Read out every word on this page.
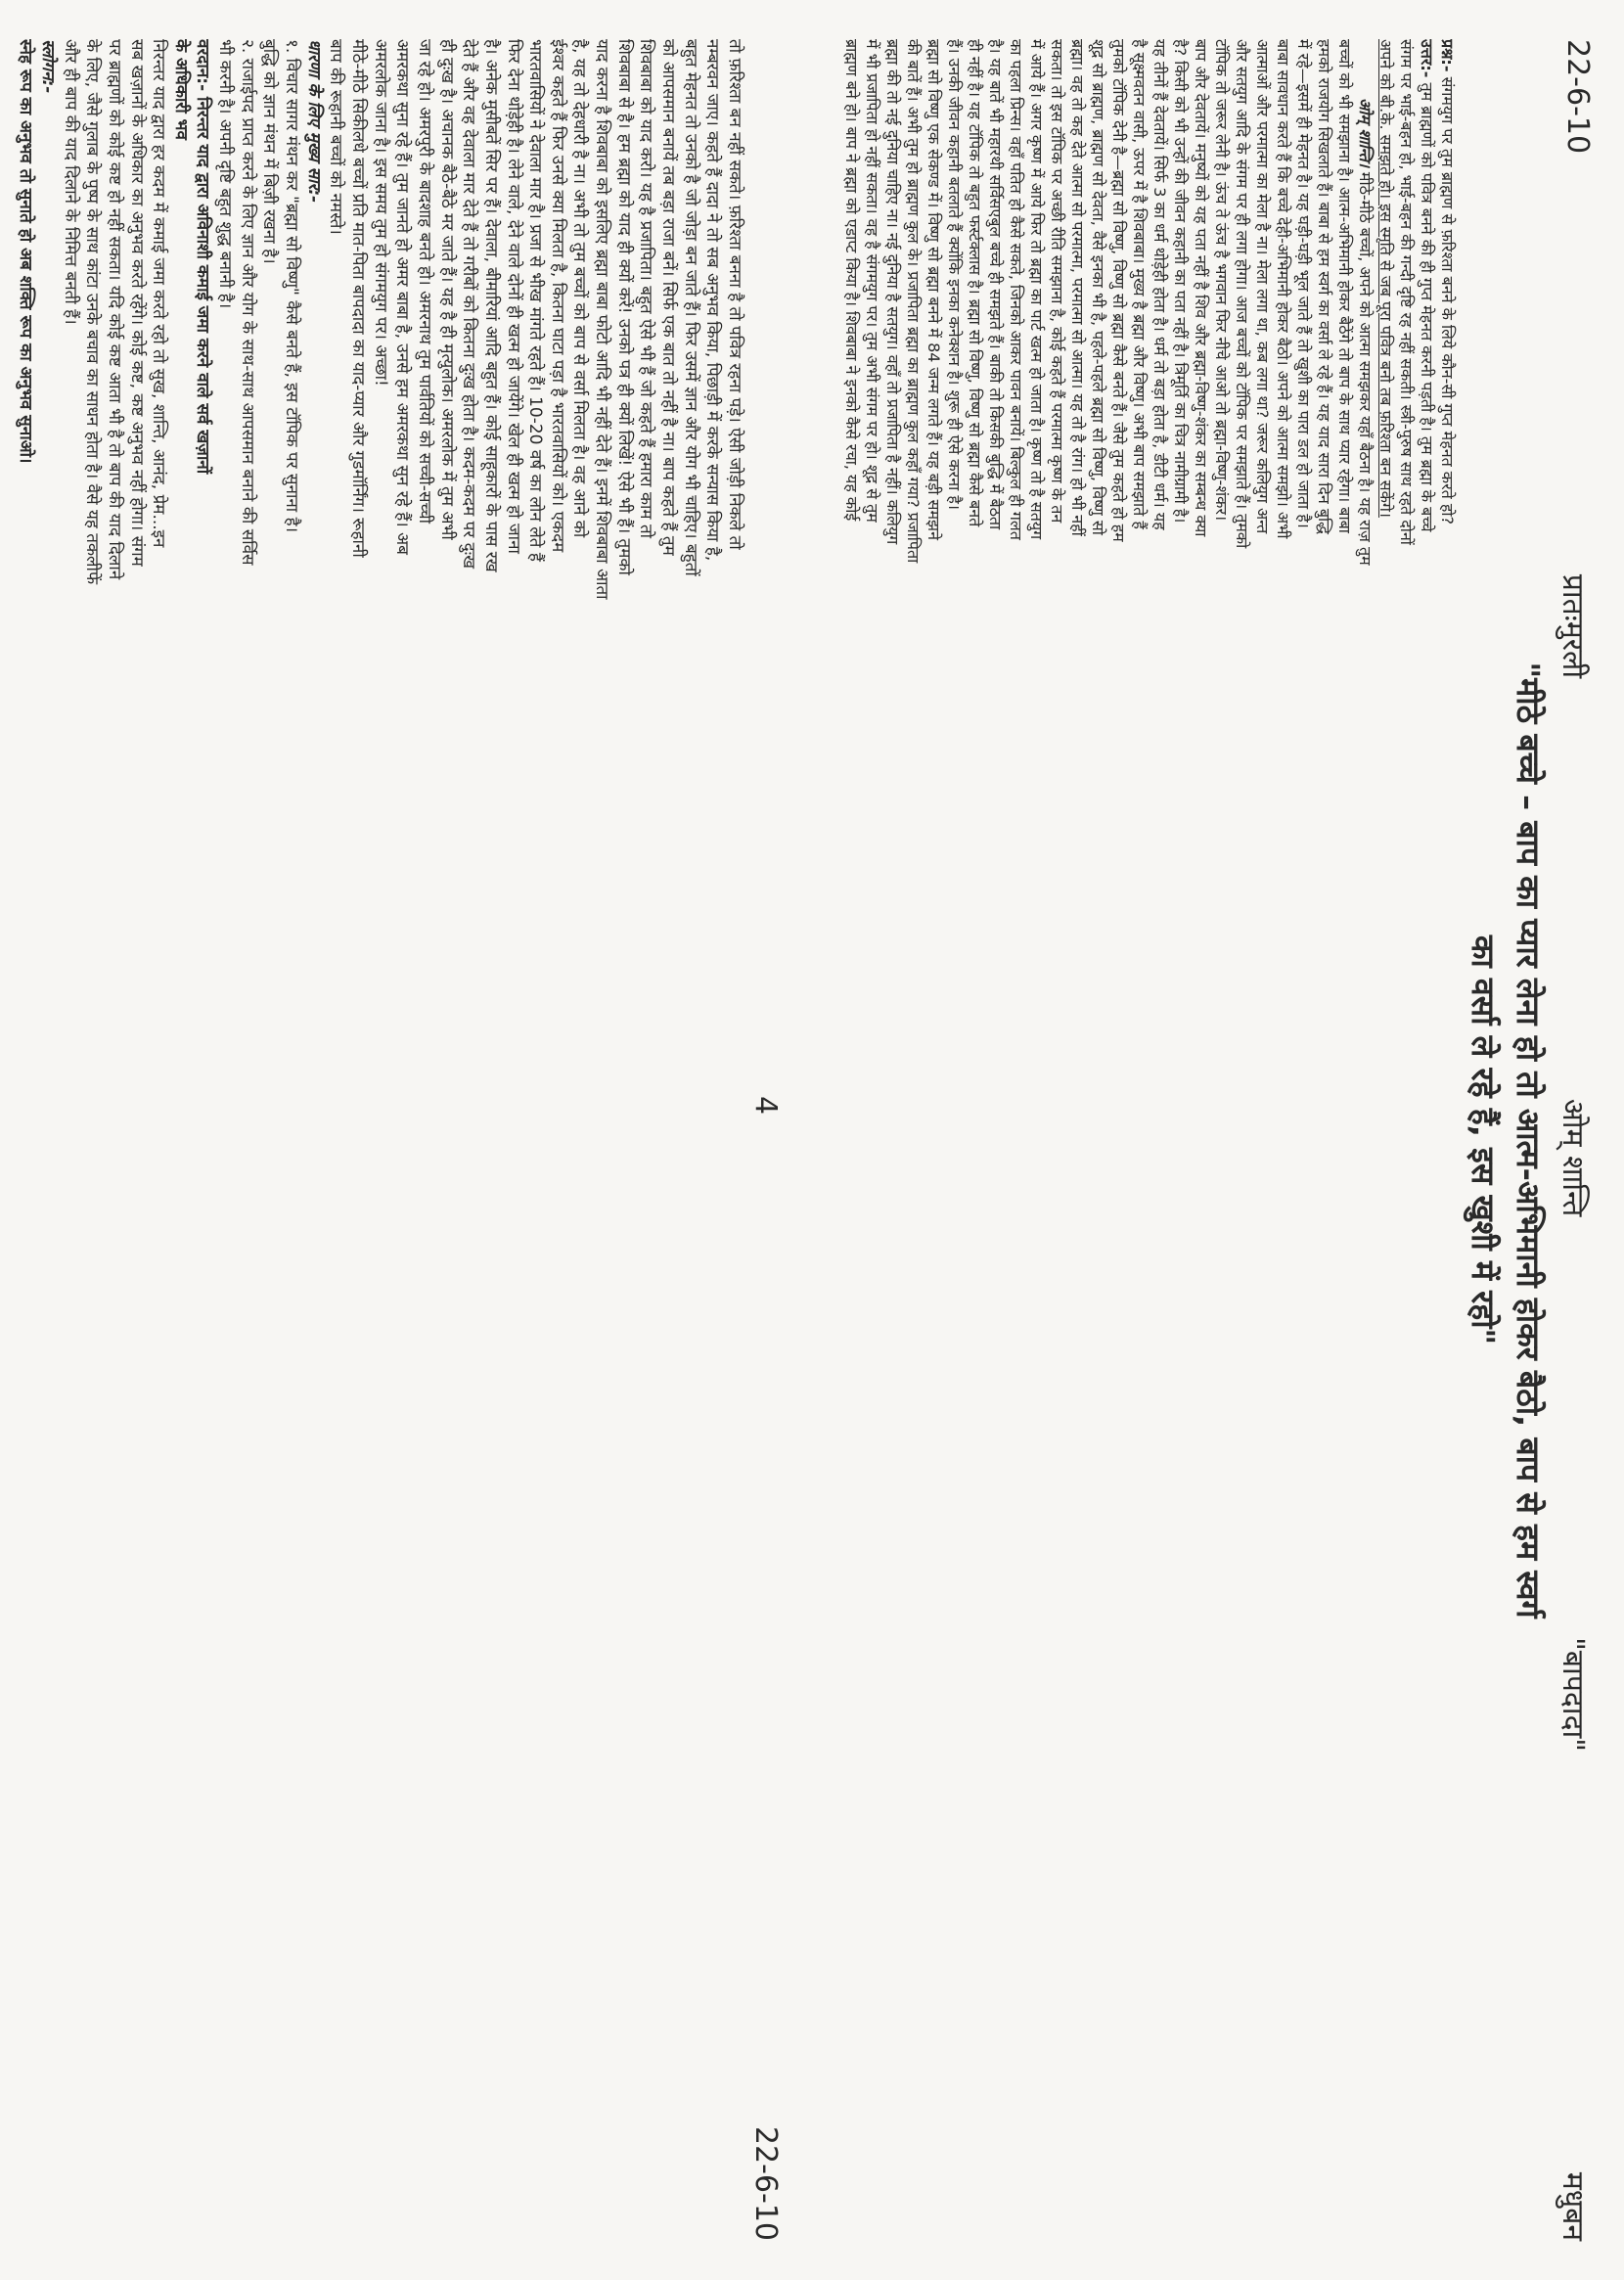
4
22-6-10
तो फ़रिश्ता बन नहीं सकते। फ़रिश्ता बनना है तो पवित्र रहना पड़े। ऐसी जोड़ी निकले तो
नम्बरवन जाए। कहते हैं दादा ने तो सब अनुभव किया, पिछाड़ी में करके सन्यास किया है,
बहुत मेहनत तो उनको है जो जोड़ा बन जाते हैं। फिर उसमें ज्ञान और योग भी चाहिए। बहुतों
को आपसमान बनायें तब बड़ा राजा बनें। सिर्फ एक बात तो नहीं है ना। बाप कहते हैं तुम
शिवबाबा को याद करो। यह है प्रजापिता। बहुत ऐसे भी हैं जो कहते हैं हमारा काम तो
शिवबाबा से है। हम ब्रह्मा को याद ही क्यों करें! उनको पत्र ही क्यों लिखें! ऐसे भी हैं। तुमको
याद करना है शिवबाबा को इसलिए ब्रह्मा बाबा फोटो आदि भी नहीं देते हैं। इनमें शिवबाबा आता
है, यह तो देहधारी है ना। अभी तो तुम बच्चों को बाप से वर्सा मिलता है। वह आने को
ईश्वर कहते हैं फिर उनसे क्या मिलता है, कितना घाटा पड़ा है भारतवासियों को। एकदम
भारतवासियों ने देवाला मार है। प्रजा से भीख मांगते रहते हैं। 10-20 वर्ष का लोन लेते हैं
फिर देना थोड़ेही है। लेने वाले, देने वाले दोनों ही खत्म हो जायेंगे। खेल ही खत्म हो जाना
है। अनेक मुसीबतें सिर पर हैं। देवाला, बीमारियां आदि बहुत हैं। कोई साहूकारों के पास रख
देते हैं और वह देवाला मार देते हैं तो गरीबों को कितना दुःख होता है। कदम-कदम पर दुःख
ही दुःख है। अचानक बैठे-बैठे मर जाते हैं। यह है ही मृत्युलोक। अमरलोक में तुम अभी
जा रहे हो। अमरपुरी के बादशाह बनते हो। अमरनाथ तुम पार्वतियों को सच्ची-सच्ची
अमरकथा सुना रहे हैं। तुम जानते हो अमर बाबा है, उनसे हम अमरकथा सुन रहे हैं। अब
अमरलोक जाना है। इस समय तुम हो संगमयुग पर। अच्छा!
बाप की रूहानी बच्चों को नमस्ते।
धारणा के लिए मुख्य सार:-
१. विचार सागर मंथन कर "ब्रह्मा सो विष्णु" कैसे बनते हैं, इस टॉपिक पर सुनाना है।
बुद्धि को ज्ञान मंथन में बिज़ी रखना है।
२. राजाईपद प्राप्त करने के लिए ज्ञान और योग के साथ-साथ आपसमान बनाने की सर्विस
भी करनी है। अपनी दृष्टि बहुत शुद्ध बनानी है।
वरदान:- निरन्तर याद द्वारा अविनाशी कमाई जमा करने वाले सर्व खज़ानों
के अधिकारी भव
निरन्तर याद द्वारा हर कदम में कमाई जमा करते रहो तो सुख, शान्ति, आनंद, प्रेम...इन
सब खज़ानों के अधिकार का अनुभव करते रहेंगे। कोई कष्ट, कष्ट अनुभव नहीं होगा। संगम
पर ब्राह्मणों को कोई कष्ट हो नहीं सकता। यदि कोई कष्ट आता भी है तो बाप की याद दिलाने
के लिए, जैसे गुलाब के पुष्प के साथ कांटा उनके बचाव का साधन होता है। वैसे यह तकलीफें
और ही बाप की याद दिलाने के निमित्त बनती हैं।
स्लोगन:-
स्नेह रूप का अनुभव तो सुनाते हो अब शक्ति रूप का अनुभव सुनाओ।	मीठे-मीठे सिकीलधे बच्चों प्रति मात-पिता बापदादा का याद-प्यार और गुडमॉर्निंग। रूहानी	22-6-10
प्रातःमुरली
ओम् शान्ति
"बापदादा"
मधुबन
"मीठे बच्चे – बाप का प्यार लेना हो तो आत्म-अभिमानी होकर बैठो, बाप से हम स्वर्ग
का वर्सा ले रहे हैं, इस खुशी में रहो"
प्रश्न:- संगमयुग पर तुम ब्राह्मण से फ़रिश्ता बनने के लिये कौन-सी गुप्त मेहनत करते हो?
उत्तर:- तुम ब्राह्मणों को पवित्र बनने की ही गुप्त मेहनत करनी पड़ती है। तुम ब्रह्मा के बच्चे
संगम पर भाई-बहन हो, भाई-बहन की गन्दी दृष्टि रह नहीं सकती। स्त्री-पुरुष साथ रहते दोनों
अपने को बी.के. समझते हो। इस स्मृति से जब पूरा पवित्र बनो तब फ़रिश्ता बन सकेंगे।
ओम् शान्ति। मीठे-मीठे बच्चों, अपने को आत्मा समझकर यहाँ बैठना है। यह राज़ तुम
बच्चों को भी समझाना है। आत्म-अभिमानी होकर बैठेंगे तो बाप के साथ प्यार रहेगा। बाबा
हमको राजयोग सिखलाते हैं। बाबा से हम स्वर्ग का वर्सा ले रहे हैं। यह याद सारा दिन बुद्धि
में रहे—इसमें ही मेहनत है। यह घड़ी-घड़ी भूल जाते हैं तो खुशी का पारा डल हो जाता है।
बाबा सावधान करते हैं कि बच्चे देही-अभिमानी होकर बैठो। अपने को आत्मा समझो। अभी
आत्माओं और परमात्मा का मेला है ना। मेला लगा था, कब लगा था? जरूर कलियुग अन्त
और सतयुग आदि के संगम पर ही लगा होगा। आज बच्चों को टॉपिक पर समझाते हैं। तुमको
टॉपिक तो जरूर लेनी है। ऊंच ते ऊंच है भगवान फिर नीचे आओ तो ब्रह्मा-विष्णु-शंकर।
बाप और देवतायें। मनुष्यों को यह पता नहीं है शिव और ब्रह्मा-विष्णु-शंकर का सम्बन्ध क्या
है? किसी को भी उन्हों की जीवन कहानी का पता नहीं है। त्रिमूर्ति का चित्र नामीग्रामी है।
यह तीनों हैं देवतायें। सिर्फ 3 का धर्म थोड़ेही होता है। धर्म तो बड़ा होता है, डीटी धर्म। यह
है सूक्ष्मवतन वासी, ऊपर में है शिवबाबा। मुख्य है ब्रह्मा और विष्णु। अभी बाप समझाते हैं
तुमको टॉपिक देनी है—ब्रह्मा सो विष्णु, विष्णु सो ब्रह्मा कैसे बनते हैं। जैसे तुम कहते हो हम
शूद्र सो ब्राह्मण, ब्राह्मण सो देवता, वैसे इनका भी है, पहले-पहले ब्रह्मा सो विष्णु, विष्णु सो
ब्रह्मा। वह तो कह देते आत्मा सो परमात्मा, परमात्मा सो आत्मा। यह तो है रांग। हो भी नहीं
सकता। तो इस टॉपिक पर अच्छी रीति समझाना है, कोई कहते हैं परमात्मा कृष्ण के तन
में आये हैं। अगर कृष्ण में आये फिर तो ब्रह्मा का पार्ट खत्म हो जाता है। कृष्ण तो है सतयुग
का पहला प्रिन्स। वहाँ पतित हो कैसे सकते, जिनको आकर पावन बनायें। बिल्कुल ही गलत
है। यह बातें भी महारथी सर्विसएबुल बच्चे ही समझते हैं। बाकी तो किसकी बुद्धि में बैठता
ही नहीं है। यह टॉपिक तो बहुत फर्स्टक्लास है। ब्रह्मा सो विष्णु, विष्णु सो ब्रह्मा कैसे बनते
हैं। उनकी जीवन कहानी बतलाते हैं क्योंकि इनका कनेक्शन है। शुरू ही ऐसे करना है।
ब्रह्मा सो विष्णु एक सेकण्ड में। विष्णु सो ब्रह्मा बनने में 84 जन्म लगते हैं। यह बड़ी समझने
की बातें हैं। अभी तुम हो ब्राह्मण कुल के। प्रजापिता ब्रह्मा का ब्राह्मण कुल कहाँ गया? प्रजापिता
ब्रह्मा की तो नई दुनिया चाहिए ना। नई दुनिया है सतयुग। वहाँ तो प्रजापिता है नहीं। कलियुग
में भी प्रजापिता हो नहीं सकता। वह है संगमयुग पर। तुम अभी संगम पर हो। शूद्र से तुम
ब्राह्मण बने हो। बाप ने ब्रह्मा को एडाप्ट किया है। शिवबाबा ने इनको कैसे रचा, यह कोई
